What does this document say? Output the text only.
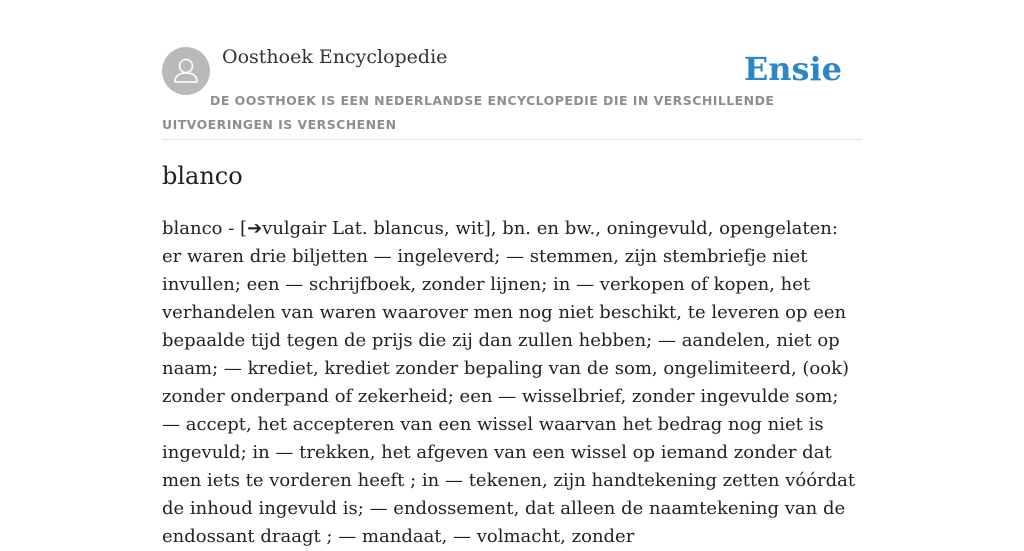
Oosthoek Encyclopedie	Ensie
DE OOSTHOEK IS EEN NEDERLANDSE ENCYCLOPEDIE DIE IN VERSCHILLENDE UITVOERINGEN IS VERSCHENEN
blanco

blanco - [➔vulgair Lat. blancus, wit], bn. en bw., oningevuld, opengelaten: er waren drie biljetten — ingeleverd; — stemmen, zijn stembriefje niet invullen; een — schrijfboek, zonder lijnen; in — verkopen of kopen, het verhandelen van waren waarover men nog niet beschikt, te leveren op een bepaalde tijd tegen de prijs die zij dan zullen hebben; — aandelen, niet op naam; — krediet, krediet zonder bepaling van de som, ongelimiteerd, (ook) zonder onderpand of zekerheid; een — wisselbrief, zonder ingevulde som; — accept, het accepteren van een wissel waarvan het bedrag nog niet is ingevuld; in — trekken, het afgeven van een wissel op iemand zonder dat men iets te vorderen heeft ; in — tekenen, zijn handtekening zetten vóórdat de inhoud ingevuld is; — endossement, dat alleen de naamtekening van de endossant draagt ; — mandaat, — volmacht, zonder
